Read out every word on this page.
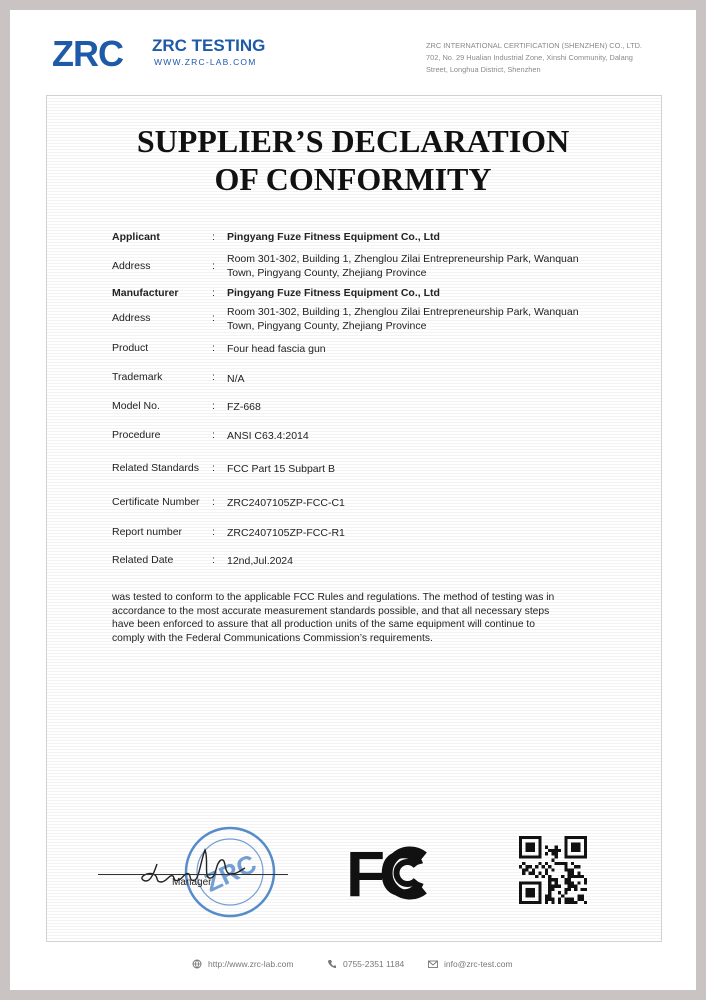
ZRC ZRC TESTING
WWW.ZRC-LAB.COM
ZRC INTERNATIONAL CERTIFICATION (SHENZHEN) CO., LTD.
702, No. 29 Hualian Industrial Zone, Xinshi Community, Dalang
Street, Longhua District, Shenzhen
SUPPLIER’S DECLARATION
OF CONFORMITY
Applicant	: Pingyang Fuze Fitness Equipment Co., Ltd
Address	:
Room 301-302, Building 1, Zhenglou Zilai Entrepreneurship Park, Wanquan
Town, Pingyang County, Zhejiang Province
Manufacturer	: Pingyang Fuze Fitness Equipment Co., Ltd
Address	: Room 301-302, Building 1, Zhenglou Zilai Entrepreneurship Park, Wanquan
Town, Pingyang County, Zhejiang Province
Product	: Four head fascia gun
Trademark	: N/A
Model No.	: FZ-668
Procedure	: ANSI C63.4:2014
Related Standards : FCC Part 15 Subpart B
Certificate Number : ZRC2407105ZP-FCC-C1
Report number	: ZRC2407105ZP-FCC-R1
Related Date	: 12nd,Jul.2024
was tested to conform to the applicable FCC Rules and regulations. The method of testing was in
accordance to the most accurate measurement standards possible, and that all necessary steps
have been enforced to assure that all production units of the same equipment will continue to
comply with the Federal Communications Commission’s requirements.
ZRC
Manager FC
http://www.zrc-lab.com	0755-2351 1184	info@zrc-test.com
